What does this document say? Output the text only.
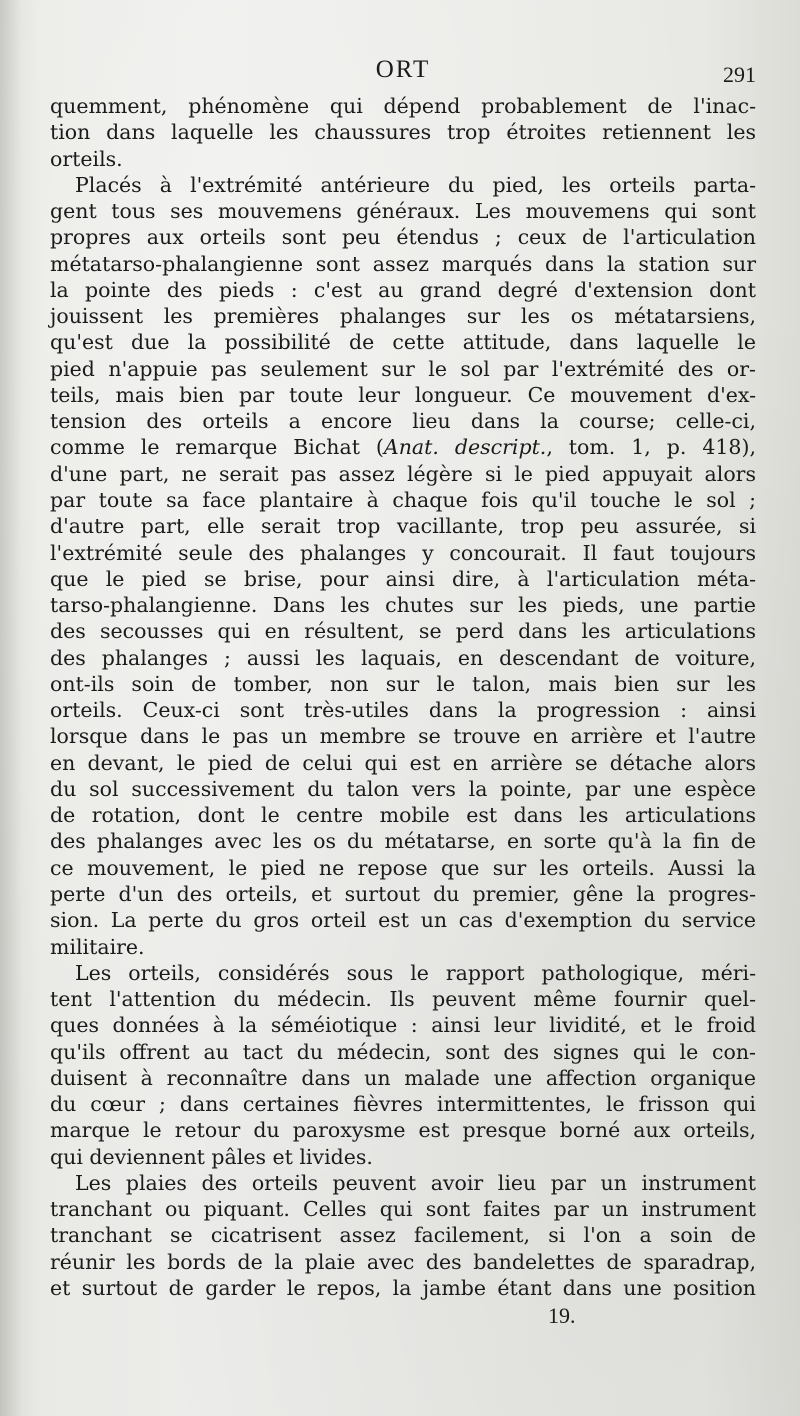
ORT	291
quemment, phénomène qui dépend probablement de l'inac-
tion dans laquelle les chaussures trop étroites retiennent les
orteils.
Placés à l'extrémité antérieure du pied, les orteils parta-
gent tous ses mouvemens généraux. Les mouvemens qui sont
propres aux orteils sont peu étendus ; ceux de l'articulation
métatarso-phalangienne sont assez marqués dans la station sur
la pointe des pieds : c'est au grand degré d'extension dont
jouissent les premières phalanges sur les os métatarsiens,
qu'est due la possibilité de cette attitude, dans laquelle le
pied n'appuie pas seulement sur le sol par l'extrémité des or-
teils, mais bien par toute leur longueur. Ce mouvement d'ex-
tension des orteils a encore lieu dans la course; celle-ci,
comme le remarque Bichat (Anat. descript., tom. 1, p. 418),
d'une part, ne serait pas assez légère si le pied appuyait alors
par toute sa face plantaire à chaque fois qu'il touche le sol ;
d'autre part, elle serait trop vacillante, trop peu assurée, si
l'extrémité seule des phalanges y concourait. Il faut toujours
que le pied se brise, pour ainsi dire, à l'articulation méta-
tarso-phalangienne. Dans les chutes sur les pieds, une partie
des secousses qui en résultent, se perd dans les articulations
des phalanges ; aussi les laquais, en descendant de voiture,
ont-ils soin de tomber, non sur le talon, mais bien sur les
orteils. Ceux-ci sont très-utiles dans la progression : ainsi
lorsque dans le pas un membre se trouve en arrière et l'autre
en devant, le pied de celui qui est en arrière se détache alors
du sol successivement du talon vers la pointe, par une espèce
de rotation, dont le centre mobile est dans les articulations
des phalanges avec les os du métatarse, en sorte qu'à la fin de
ce mouvement, le pied ne repose que sur les orteils. Aussi la
perte d'un des orteils, et surtout du premier, gêne la progres-
sion. La perte du gros orteil est un cas d'exemption du service
militaire.
Les orteils, considérés sous le rapport pathologique, méri-
tent l'attention du médecin. Ils peuvent même fournir quel-
ques données à la séméiotique : ainsi leur lividité, et le froid
qu'ils offrent au tact du médecin, sont des signes qui le con-
duisent à reconnaître dans un malade une affection organique
du cœur ; dans certaines fièvres intermittentes, le frisson qui
marque le retour du paroxysme est presque borné aux orteils,
qui deviennent pâles et livides.
Les plaies des orteils peuvent avoir lieu par un instrument
tranchant ou piquant. Celles qui sont faites par un instrument
tranchant se cicatrisent assez facilement, si l'on a soin de
réunir les bords de la plaie avec des bandelettes de sparadrap,
et surtout de garder le repos, la jambe étant dans une position
19.
